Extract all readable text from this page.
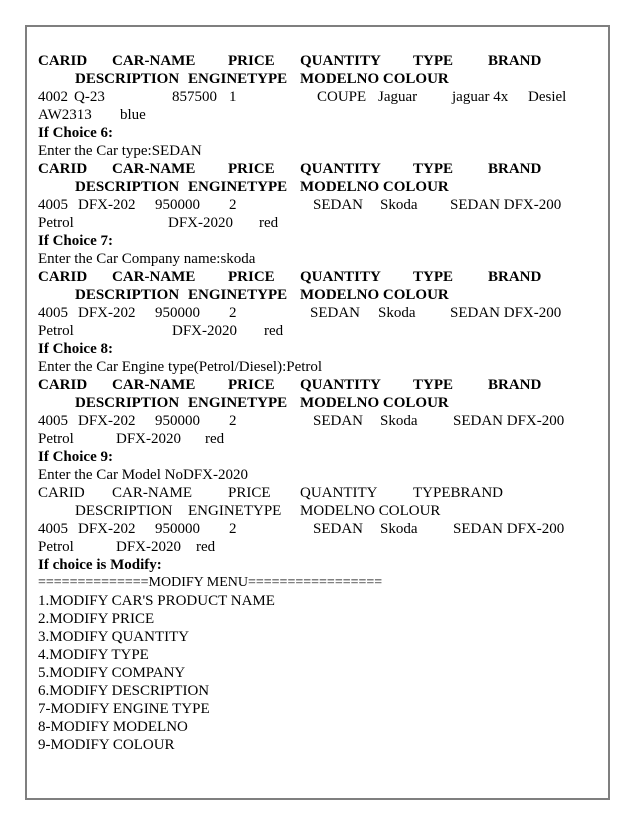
CARID CAR-NAME PRICE QUANTITY TYPE BRAND
DESCRIPTION ENGINETYPE MODELNO COLOUR
4002 Q-23	857500 1	COUPE Jaguar jaguar 4x Desiel
AW2313 blue
If Choice 6:
Enter the Car type:SEDAN
CARID CAR-NAME PRICE QUANTITY TYPE BRAND
DESCRIPTION ENGINETYPE MODELNO COLOUR
4005 DFX-202 950000 2	SEDAN Skoda SEDAN DFX-200
Petrol	DFX-2020 red
If Choice 7:
Enter the Car Company name:skoda
CARID CAR-NAME PRICE QUANTITY TYPE BRAND
DESCRIPTION ENGINETYPE MODELNO COLOUR
4005 DFX-202 950000 2	SEDAN Skoda SEDAN DFX-200
Petrol	DFX-2020 red
If Choice 8:
Enter the Car Engine type(Petrol/Diesel):Petrol
CARID CAR-NAME PRICE QUANTITY TYPE BRAND
DESCRIPTION ENGINETYPE MODELNO COLOUR
4005 DFX-202 950000 2	SEDAN Skoda SEDAN DFX-200
Petrol	DFX-2020 red
If Choice 9:
Enter the Car Model NoDFX-2020
CARID CAR-NAME PRICE QUANTITY TYPEBRAND
DESCRIPTION ENGINETYPE MODELNO COLOUR
4005 DFX-202 950000 2	SEDAN Skoda SEDAN DFX-200
Petrol	DFX-2020 red
If choice is Modify:
==============MODIFY MENU=================
1.MODIFY CAR'S PRODUCT NAME
2.MODIFY PRICE
3.MODIFY QUANTITY
4.MODIFY TYPE
5.MODIFY COMPANY
6.MODIFY DESCRIPTION
7-MODIFY ENGINE TYPE
8-MODIFY MODELNO
9-MODIFY COLOUR
